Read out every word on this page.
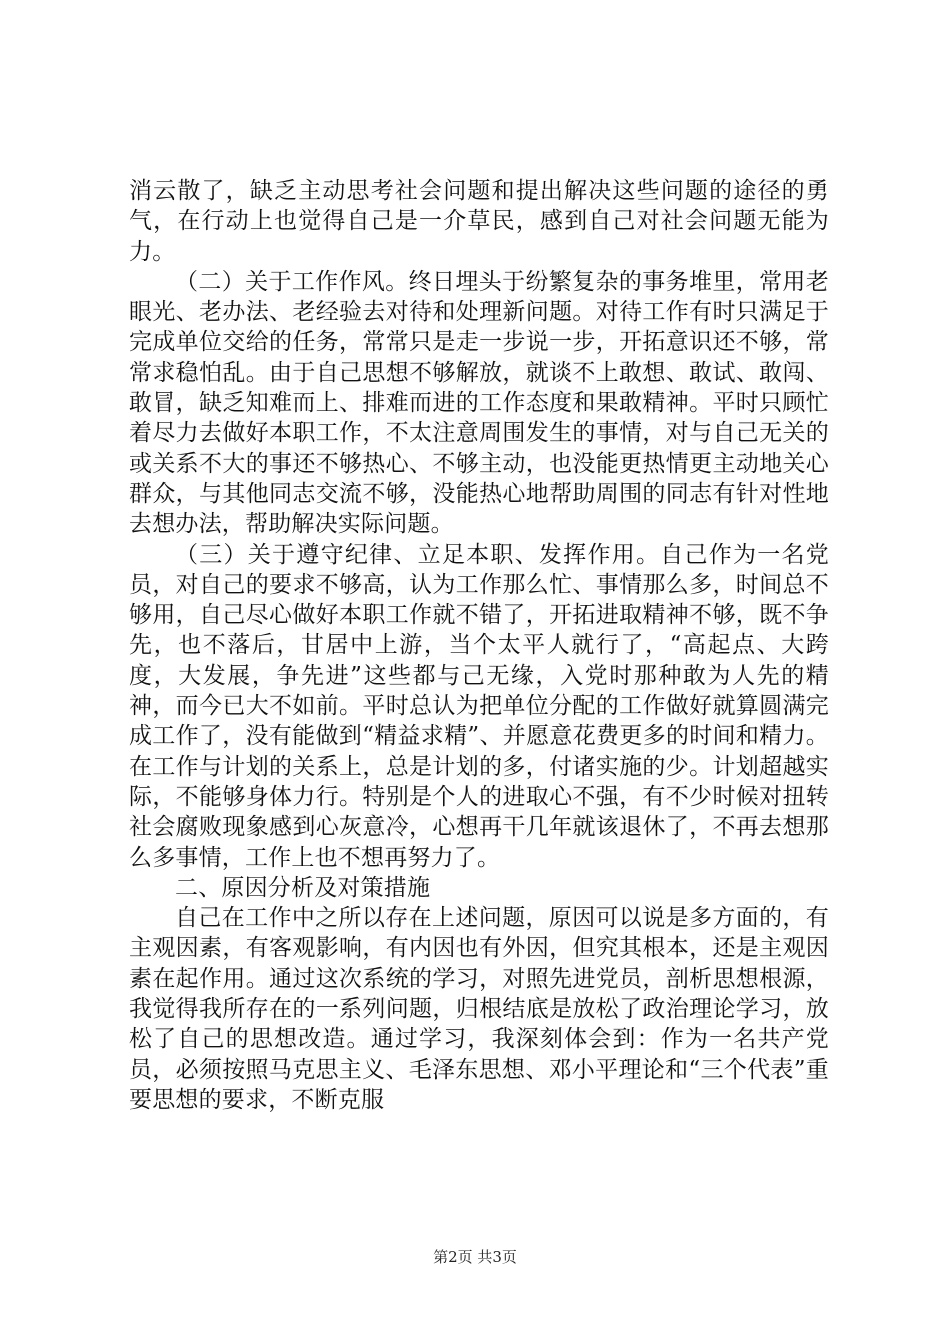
消云散了，缺乏主动思考社会问题和提出解决这些问题的途径的勇气，在行动上也觉得自己是一介草民，感到自己对社会问题无能为力。

（二）关于工作作风。终日埋头于纷繁复杂的事务堆里，常用老眼光、老办法、老经验去对待和处理新问题。对待工作有时只满足于完成单位交给的任务，常常只是走一步说一步，开拓意识还不够，常常求稳怕乱。由于自己思想不够解放，就谈不上敢想、敢试、敢闯、敢冒，缺乏知难而上、排难而进的工作态度和果敢精神。平时只顾忙着尽力去做好本职工作，不太注意周围发生的事情，对与自己无关的或关系不大的事还不够热心、不够主动，也没能更热情更主动地关心群众，与其他同志交流不够，没能热心地帮助周围的同志有针对性地去想办法，帮助解决实际问题。

（三）关于遵守纪律、立足本职、发挥作用。自己作为一名党员，对自己的要求不够高，认为工作那么忙、事情那么多，时间总不够用，自己尽心做好本职工作就不错了，开拓进取精神不够，既不争先，也不落后，甘居中上游，当个太平人就行了，“高起点、大跨度，大发展，争先进”这些都与己无缘，入党时那种敢为人先的精神，而今已大不如前。平时总认为把单位分配的工作做好就算圆满完成工作了，没有能做到“精益求精”、并愿意花费更多的时间和精力。在工作与计划的关系上，总是计划的多，付诸实施的少。计划超越实际，不能够身体力行。特别是个人的进取心不强，有不少时候对扭转社会腐败现象感到心灰意冷，心想再干几年就该退休了，不再去想那么多事情，工作上也不想再努力了。

二、原因分析及对策措施

自己在工作中之所以存在上述问题，原因可以说是多方面的，有主观因素，有客观影响，有内因也有外因，但究其根本，还是主观因素在起作用。通过这次系统的学习，对照先进党员，剖析思想根源，我觉得我所存在的一系列问题，归根结底是放松了政治理论学习，放松了自己的思想改造。通过学习，我深刻体会到：作为一名共产党员，必须按照马克思主义、毛泽东思想、邓小平理论和“三个代表”重要思想的要求，不断克服

第2页 共3页
